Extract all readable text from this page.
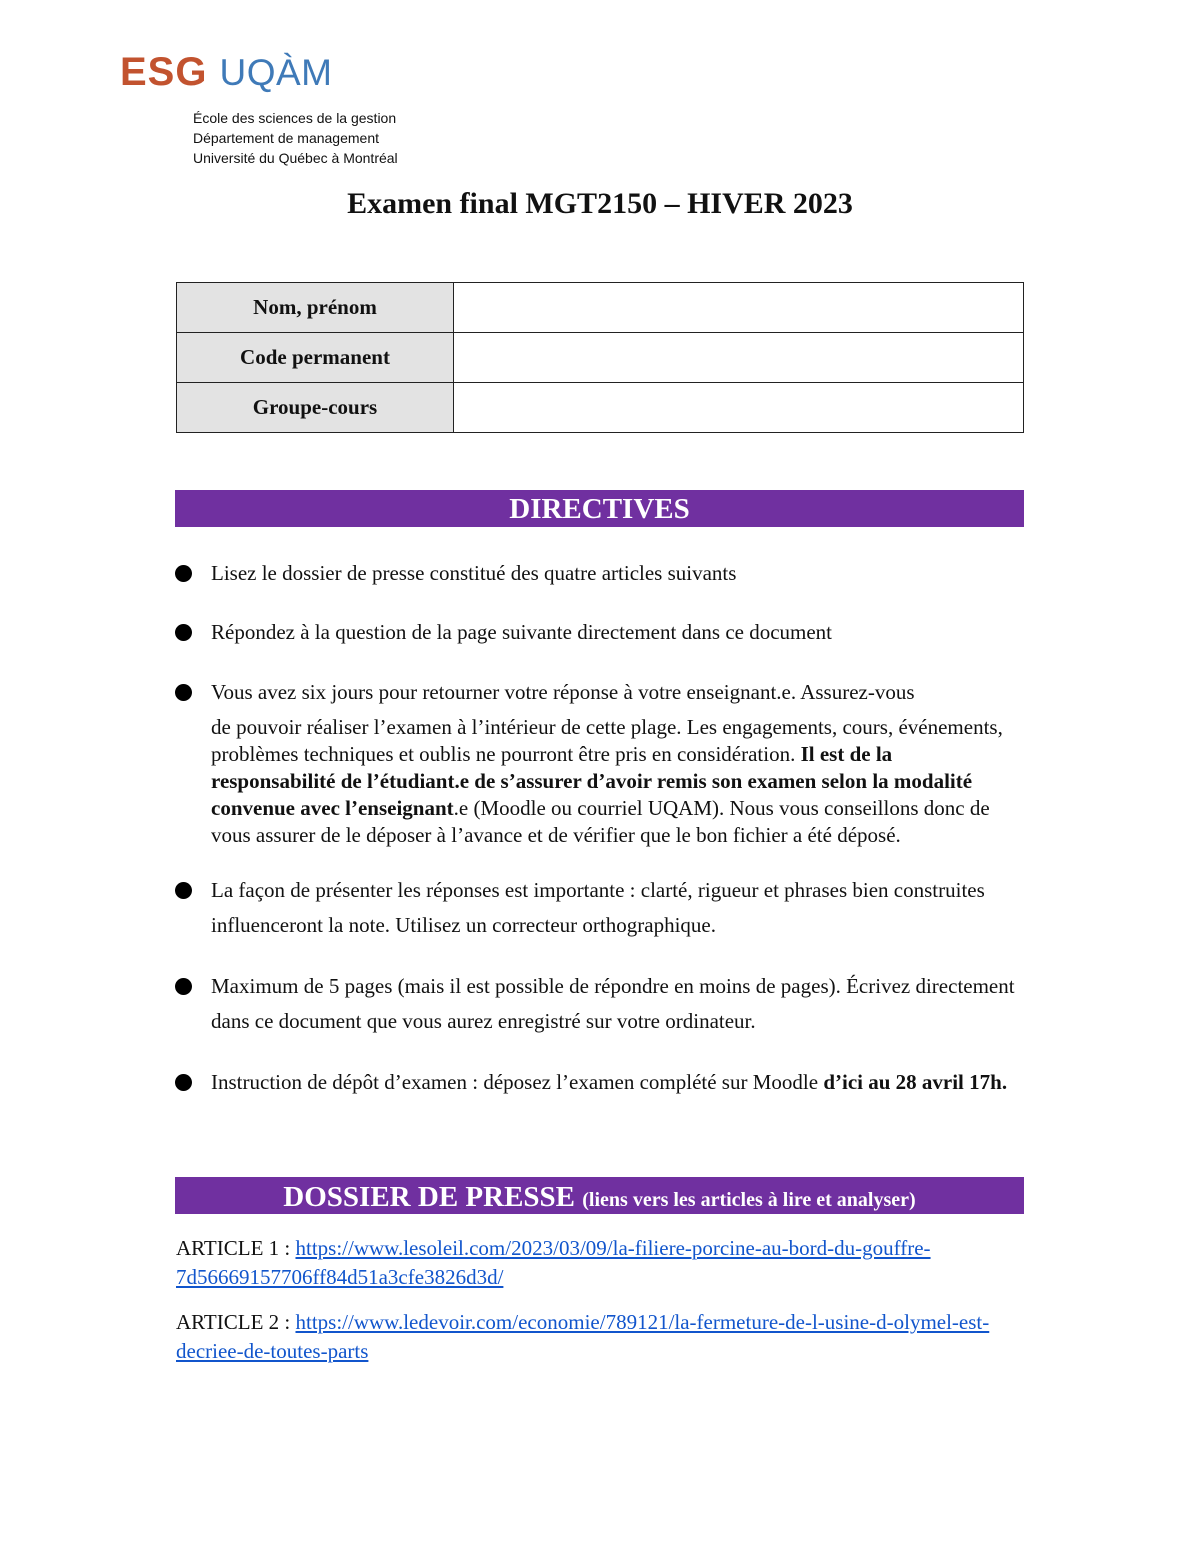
ESG UQÀM
École des sciences de la gestion
Département de management
Université du Québec à Montréal
Examen final MGT2150 – HIVER 2023
Nom, prénom	
Code permanent	
Groupe-cours	
DIRECTIVES
Lisez le dossier de presse constitué des quatre articles suivants
Répondez à la question de la page suivante directement dans ce document
Vous avez six jours pour retourner votre réponse à votre enseignant.e. Assurez-vous
de pouvoir réaliser l’examen à l’intérieur de cette plage. Les engagements, cours, événements, problèmes techniques et oublis ne pourront être pris en considération. Il est de la responsabilité de l’étudiant.e de s’assurer d’avoir remis son examen selon la modalité convenue avec l’enseignant.e (Moodle ou courriel UQAM). Nous vous conseillons donc de vous assurer de le déposer à l’avance et de vérifier que le bon fichier a été déposé.
La façon de présenter les réponses est importante : clarté, rigueur et phrases bien construites influenceront la note. Utilisez un correcteur orthographique.
Maximum de 5 pages (mais il est possible de répondre en moins de pages). Écrivez directement dans ce document que vous aurez enregistré sur votre ordinateur.
Instruction de dépôt d’examen : déposez l’examen complété sur Moodle d’ici au 28 avril 17h.
DOSSIER DE PRESSE (liens vers les articles à lire et analyser)

ARTICLE 1 : https://www.lesoleil.com/2023/03/09/la-filiere-porcine-au-bord-du-gouffre-7d56669157706ff84d51a3cfe3826d3d/

ARTICLE 2 : https://www.ledevoir.com/economie/789121/la-fermeture-de-l-usine-d-olymel-est-decriee-de-toutes-parts
